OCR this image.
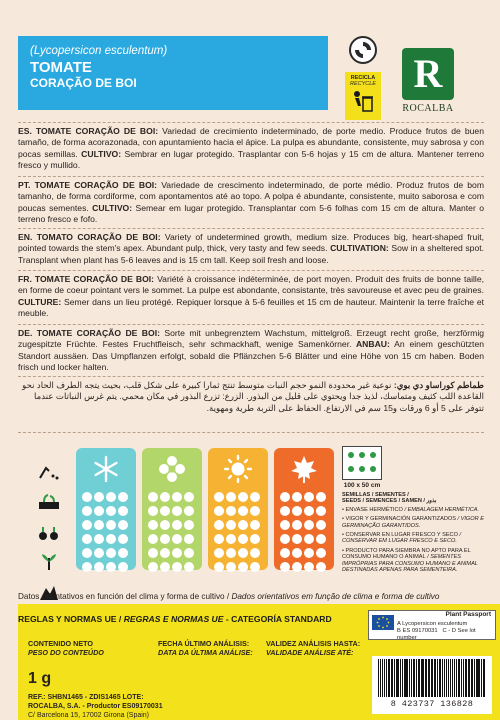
(Lycopersicon esculentum)
TOMATE
CORAÇÃO DE BOI	RECICLA
RECYCLE R
ROCALBA
ES. TOMATE CORAÇÃO DE BOI: Variedad de crecimiento indeterminado, de porte medio. Produce frutos de buen tamaño, de forma acorazonada, con apuntamiento hacia el ápice. La pulpa es abundante, consistente, muy sabrosa y con pocas semillas. CULTIVO: Sembrar en lugar protegido. Trasplantar con 5-6 hojas y 15 cm de altura. Mantener terreno fresco y mullido.
PT. TOMATE CORAÇÃO DE BOI: Variedade de crescimento indeterminado, de porte médio. Produz frutos de bom tamanho, de forma cordiforme, com apontamentos até ao topo. A polpa é abundante, consistente, muito saborosa e com poucas sementes. CULTIVO: Semear em lugar protegido. Transplantar com 5-6 folhas com 15 cm de altura. Manter o terreno fresco e fofo.
EN. TOMATO CORAÇÃO DE BOI: Variety of undetermined growth, medium size. Produces big, heart-shaped fruit, pointed towards the stem's apex. Abundant pulp, thick, very tasty and few seeds. CULTIVATION: Sow in a sheltered spot. Transplant when plant has 5-6 leaves and is 15 cm tall. Keep soil fresh and loose.
FR. TOMATE CORAÇÃO DE BOI: Variété à croissance indéterminée, de port moyen. Produit des fruits de bonne taille, en forme de coeur pointant vers le sommet. La pulpe est abondante, consistante, très savoureuse et avec peu de graines. CULTURE: Semer dans un lieu protégé. Repiquer lorsque à 5-6 feuilles et 15 cm de hauteur. Maintenir la terre fraîche et meuble.
DE. TOMATE CORAÇÃO DE BOI: Sorte mit unbegrenztem Wachstum, mittelgroß. Erzeugt recht große, herzförmig zugespitzte Früchte. Festes Fruchtfleisch, sehr schmackhaft, wenige Samenkörner. ANBAU: An einem geschützten Standort aussäen. Das Umpflanzen erfolgt, sobald die Pflänzchen 5-6 Blätter und eine Höhe von 15 cm haben. Boden frisch und locker halten.
طماطم كوراساو دي بوي: نوعية غير محدودة النمو حجم النبات متوسط تنتج ثمارا كبيرة على شكل قلب، بحيث يتجه الطرف الحاد نحو القاعدة اللب كثيف ومتماسك، لذيذ جدا ويحتوي على قليل من البذور. الزرع: تزرع البذور في مكان محمي. يتم غرس النباتات عندما تتوفر على 5 أو 6 ورقات و15 سم في الارتفاع. الحفاظ على التربة طرية ومهوية.

100 x 50 cm
SEMILLAS / SEMENTES /
SEEDS / SEMENCES / SAMEN / بذور
• ENVASE HERMÉTICO / EMBALAGEM HERMÉTICA.
• VIGOR Y GERMINACIÓN GARANTIZADOS / VIGOR E GERMINAÇÃO GARANTIDOS.
• CONSERVAR EN LUGAR FRESCO Y SECO / CONSERVAR EM LUGAR FRESCO E SECO.
• PRODUCTO PARA SIEMBRA NO APTO PARA EL CONSUMO HUMANO O ANIMAL / SEMENTES IMPRÓPRIAS PARA CONSUMO HUMANO E ANIMAL DESTINADAS APENAS PARA SEMENTEIRA.
Datos orientativos en función del clima y forma de cultivo / Dados orientativos em função de clima e forma de cultivo
REGLAS Y NORMAS UE / REGRAS E NORMAS UE - CATEGORÍA STANDARD
CONTENIDO NETO
PESO DO CONTEÚDO
FECHA ÚLTIMO ANÁLISIS:
DATA DA ÚLTIMA ANÁLISE:
VALIDEZ ANÁLISIS HASTA:
VALIDADE ANÁLISE ATÉ:
1 g
REF.: SHBN1465 - ZDIS1465 LOTE:
ROCALBA, S.A. - Productor ES09170031
C/ Barcelona 15, 17002 Girona (Spain)
Plant Passport
A Lycopersicon esculentum
B ES 09170031 C - D See lot number
8 423737 136828
